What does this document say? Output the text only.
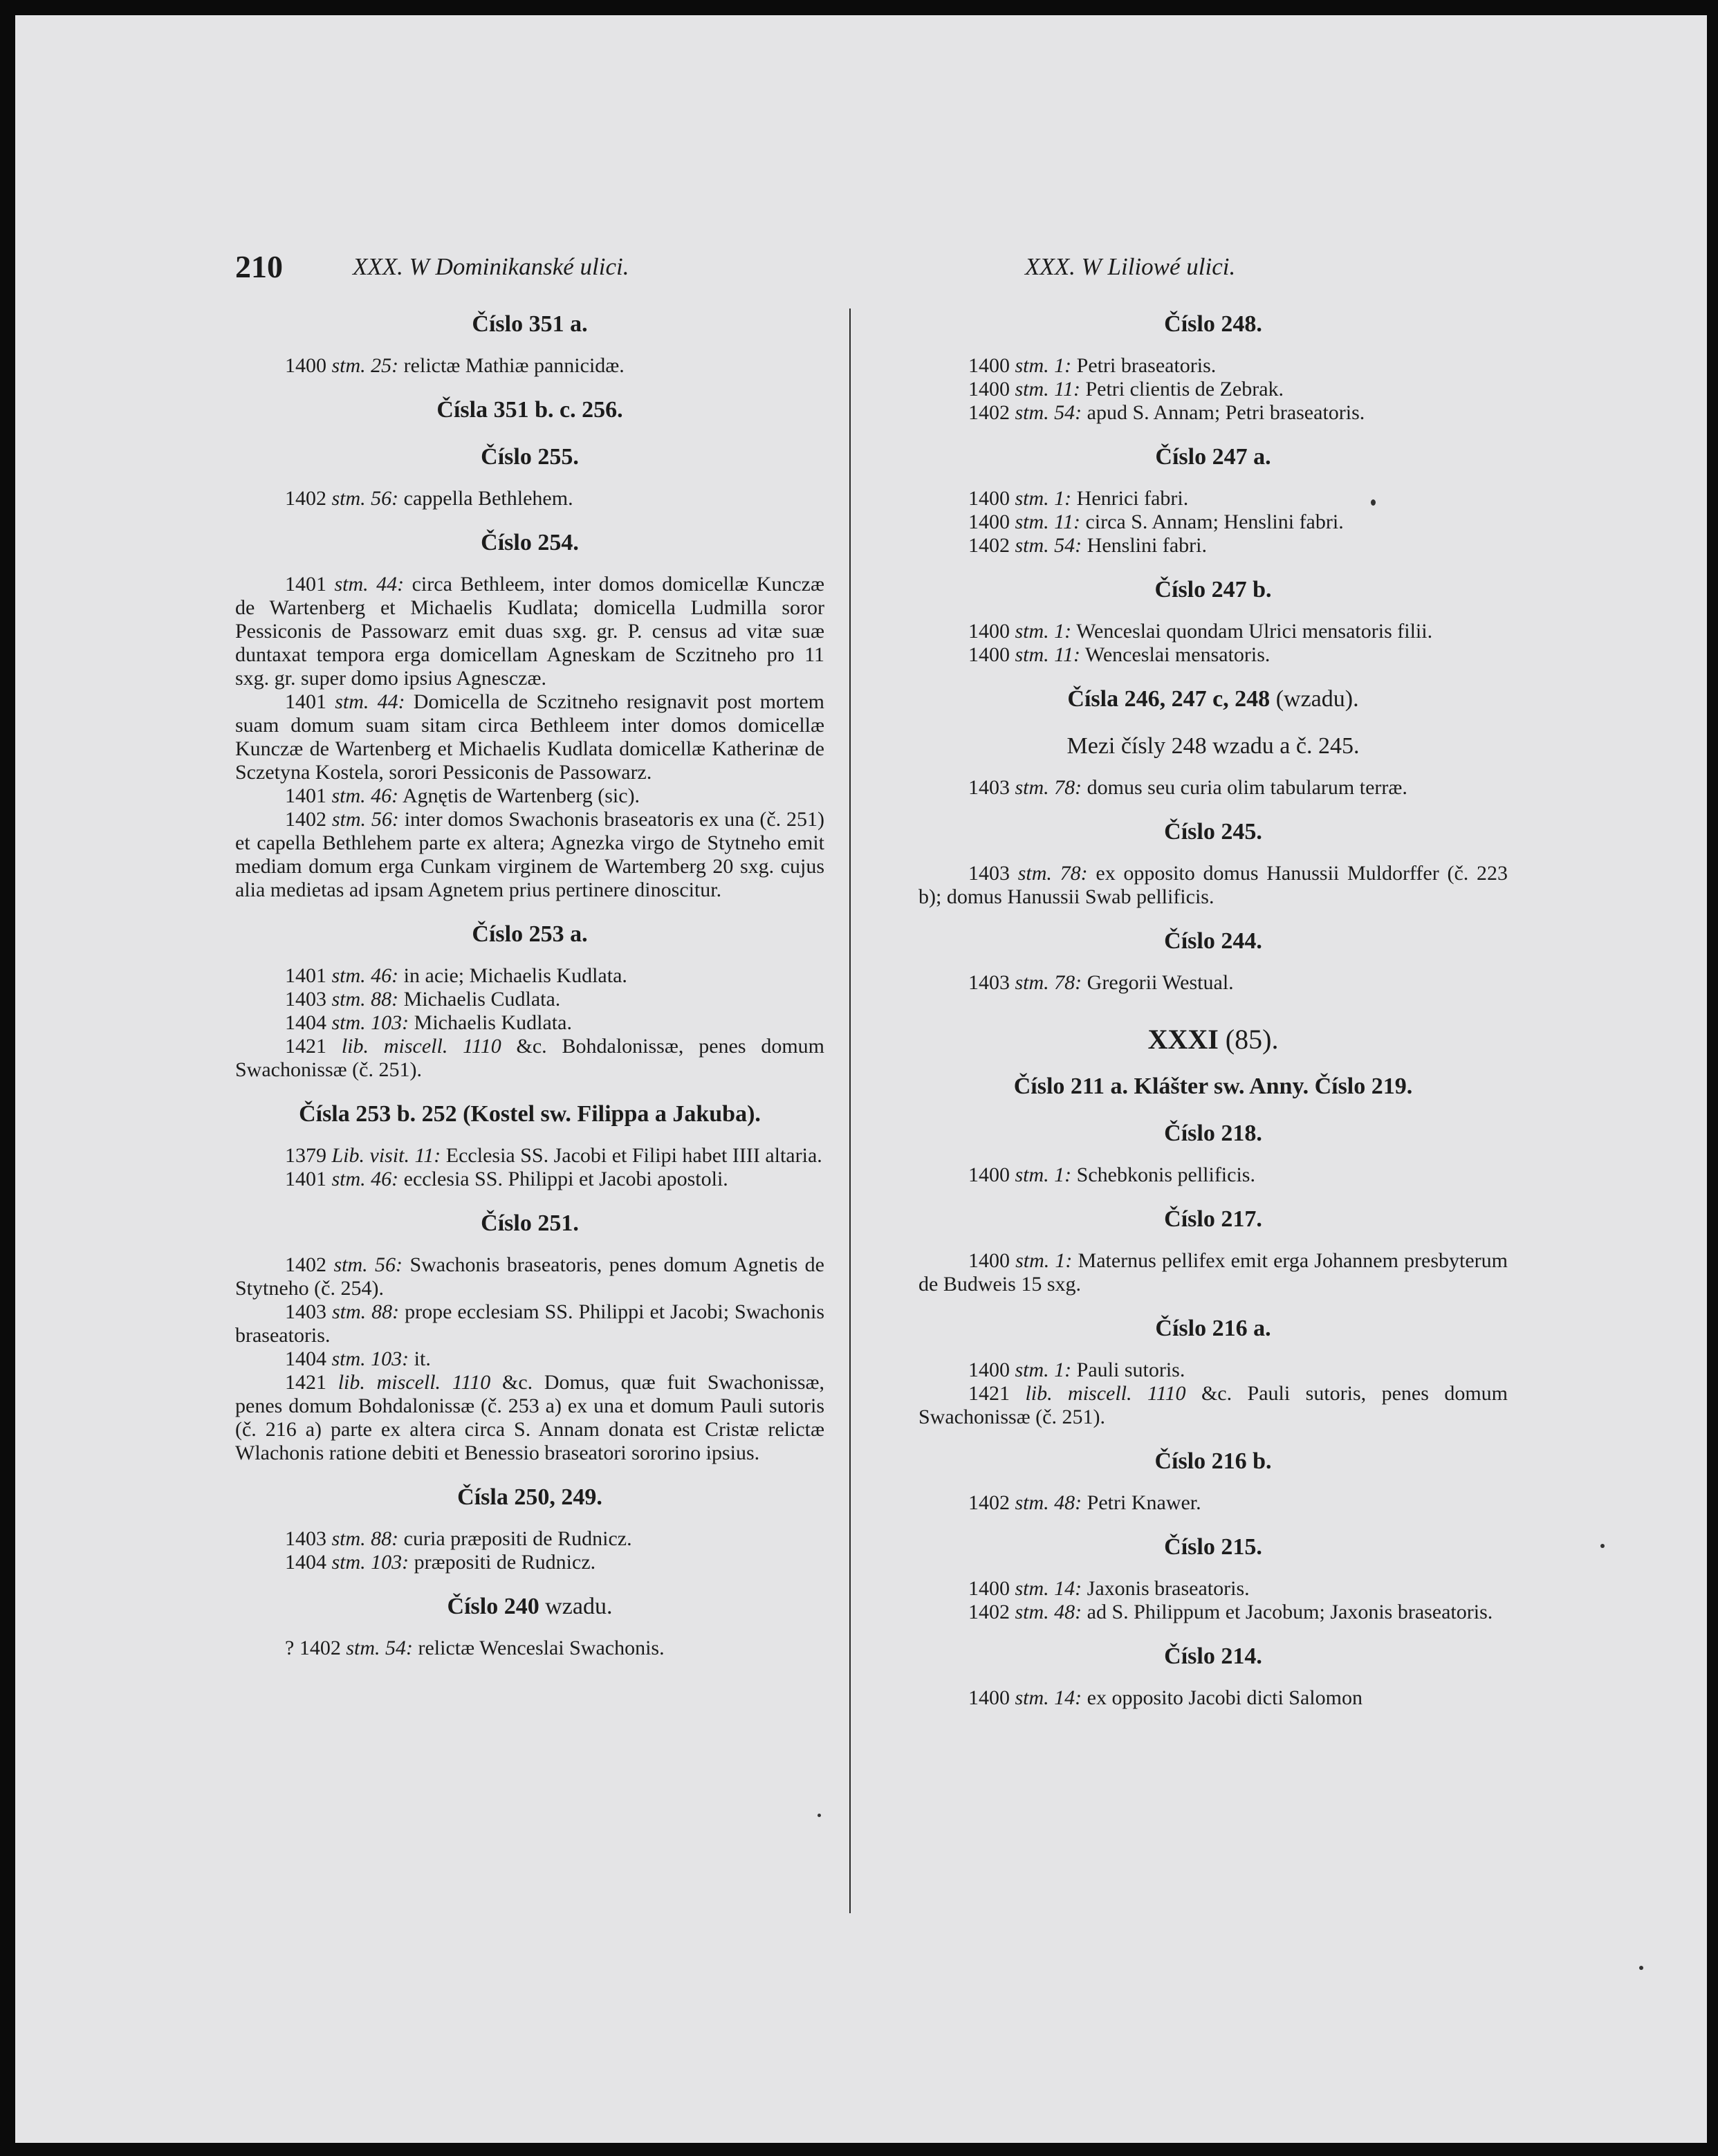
210	XXX. W Dominikanské ulici.	XXX. W Liliowé ulici.
Číslo 351 a.

1400 stm. 25: relictæ Mathiæ pannicidæ.

Čísla 351 b. c. 256.
Číslo 255.

1402 stm. 56: cappella Bethlehem.

Číslo 254.

1401 stm. 44: circa Bethleem, inter domos domicellæ Kunczæ de Wartenberg et Michaelis Kudlata; domicella Ludmilla soror Pessiconis de Passowarz emit duas sxg. gr. P. census ad vitæ suæ duntaxat tempora erga domicellam Agneskam de Sczitneho pro 11 sxg. gr. super domo ipsius Agnesczæ.

1401 stm. 44: Domicella de Sczitneho resignavit post mortem suam domum suam sitam circa Bethleem inter domos domicellæ Kunczæ de Wartenberg et Michaelis Kudlata domicellæ Katherinæ de Sczetyna Kostela, sorori Pessiconis de Passowarz.

1401 stm. 46: Agnętis de Wartenberg (sic).

1402 stm. 56: inter domos Swachonis braseatoris ex una (č. 251) et capella Bethlehem parte ex altera; Agnezka virgo de Stytneho emit mediam domum erga Cunkam virginem de Wartemberg 20 sxg. cujus alia medietas ad ipsam Agnetem prius pertinere dinoscitur.

Číslo 253 a.

1401 stm. 46: in acie; Michaelis Kudlata.

1403 stm. 88: Michaelis Cudlata.

1404 stm. 103: Michaelis Kudlata.

1421 lib. miscell. 1110 &c. Bohdalonissæ, penes domum Swachonissæ (č. 251).

Čísla 253 b. 252 (Kostel sw. Filippa a Jakuba).

1379 Lib. visit. 11: Ecclesia SS. Jacobi et Filipi habet IIII altaria.

1401 stm. 46: ecclesia SS. Philippi et Jacobi apostoli.

Číslo 251.

1402 stm. 56: Swachonis braseatoris, penes domum Agnetis de Stytneho (č. 254).

1403 stm. 88: prope ecclesiam SS. Philippi et Jacobi; Swachonis braseatoris.

1404 stm. 103: it.

1421 lib. miscell. 1110 &c. Domus, quæ fuit Swachonissæ, penes domum Bohdalonissæ (č. 253 a) ex una et domum Pauli sutoris (č. 216 a) parte ex altera circa S. Annam donata est Cristæ relictæ Wlachonis ratione debiti et Benessio braseatori sororino ipsius.

Čísla 250, 249.

1403 stm. 88: curia præpositi de Rudnicz.

1404 stm. 103: præpositi de Rudnicz.

Číslo 240 wzadu.

? 1402 stm. 54: relictæ Wenceslai Swachonis.

Číslo 248.

1400 stm. 1: Petri braseatoris.

1400 stm. 11: Petri clientis de Zebrak.

1402 stm. 54: apud S. Annam; Petri braseatoris.

Číslo 247 a.

1400 stm. 1: Henrici fabri.

1400 stm. 11: circa S. Annam; Henslini fabri.

1402 stm. 54: Henslini fabri.

Číslo 247 b.

1400 stm. 1: Wenceslai quondam Ulrici mensatoris filii.

1400 stm. 11: Wenceslai mensatoris.

Čísla 246, 247 c, 248 (wzadu).
Mezi čísly 248 wzadu a č. 245.

1403 stm. 78: domus seu curia olim tabularum terræ.

Číslo 245.

1403 stm. 78: ex opposito domus Hanussii Muldorffer (č. 223 b); domus Hanussii Swab pellificis.

Číslo 244.

1403 stm. 78: Gregorii Westual.

XXXI (85).
Číslo 211 a. Klášter sw. Anny. Číslo 219.
Číslo 218.

1400 stm. 1: Schebkonis pellificis.

Číslo 217.

1400 stm. 1: Maternus pellifex emit erga Johannem presbyterum de Budweis 15 sxg.

Číslo 216 a.

1400 stm. 1: Pauli sutoris.

1421 lib. miscell. 1110 &c. Pauli sutoris, penes domum Swachonissæ (č. 251).

Číslo 216 b.

1402 stm. 48: Petri Knawer.

Číslo 215.

1400 stm. 14: Jaxonis braseatoris.

1402 stm. 48: ad S. Philippum et Jacobum; Jaxonis braseatoris.

Číslo 214.

1400 stm. 14: ex opposito Jacobi dicti Salomon
